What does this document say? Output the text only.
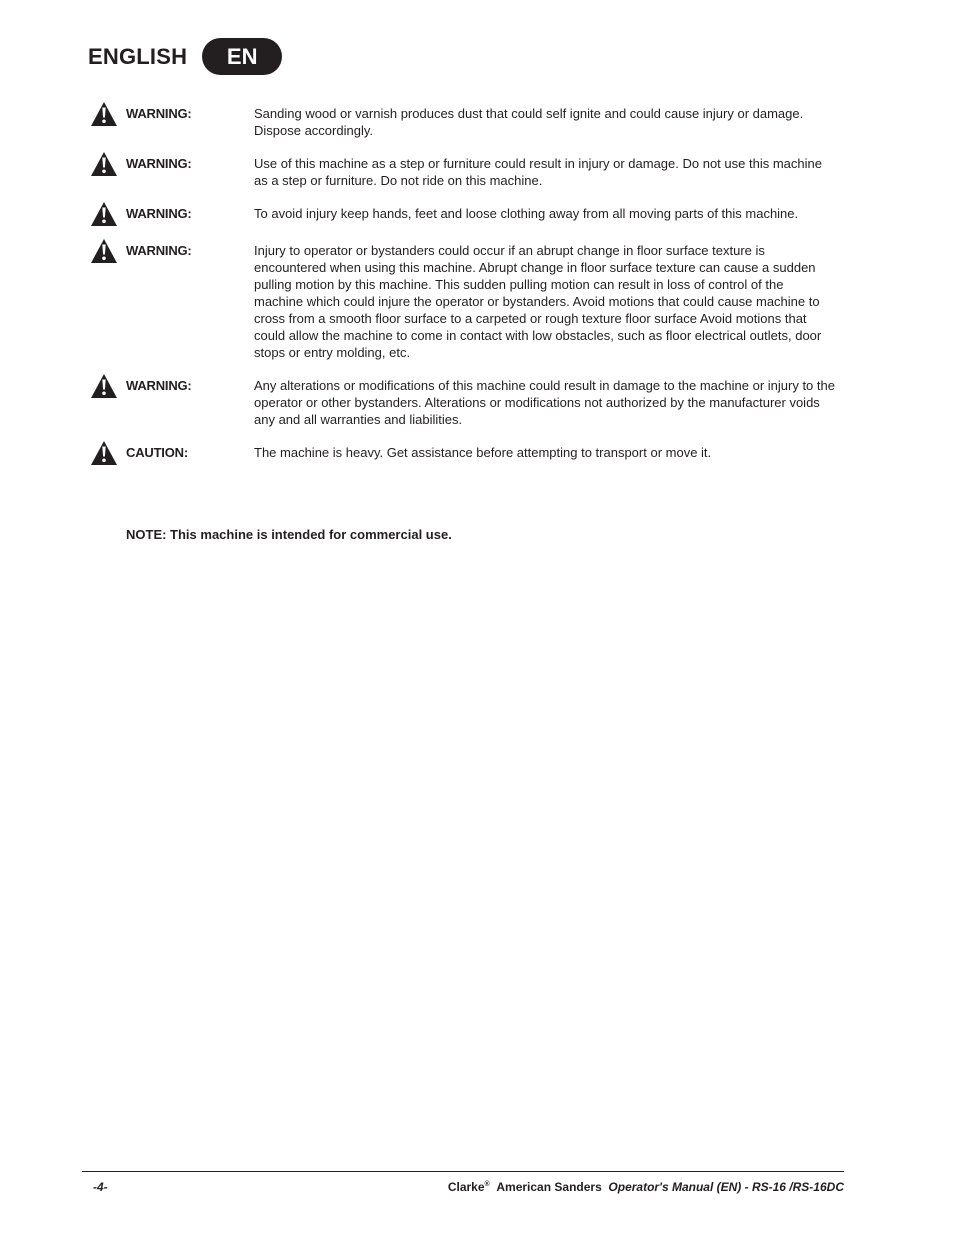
ENGLISH	EN
WARNING:	Sanding wood or varnish produces dust that could self ignite and could cause injury or damage. Dispose accordingly.
WARNING:	Use of this machine as a step or furniture could result in injury or damage. Do not use this machine as a step or furniture. Do not ride on this machine.
WARNING:	To avoid injury keep hands, feet and loose clothing away from all moving parts of this machine.
WARNING:	Injury to operator or bystanders could occur if an abrupt change in floor surface texture is encountered when using this machine. Abrupt change in floor surface texture can cause a sudden pulling motion by this machine. This sudden pulling motion can result in loss of control of the machine which could injure the operator or bystanders. Avoid motions that could cause machine to cross from a smooth floor surface to a carpeted or rough texture floor surface Avoid motions that could allow the machine to come in contact with low obstacles, such as floor electrical outlets, door stops or entry molding, etc.
WARNING:	Any alterations or modifications of this machine could result in damage to the machine or injury to the operator or other bystanders. Alterations or modifications not authorized by the manufacturer voids any and all warranties and liabilities.
CAUTION:	The machine is heavy. Get assistance before attempting to transport or move it.
NOTE: This machine is intended for commercial use.
-4-	Clarke® American Sanders Operator's Manual (EN) - RS-16 /RS-16DC
